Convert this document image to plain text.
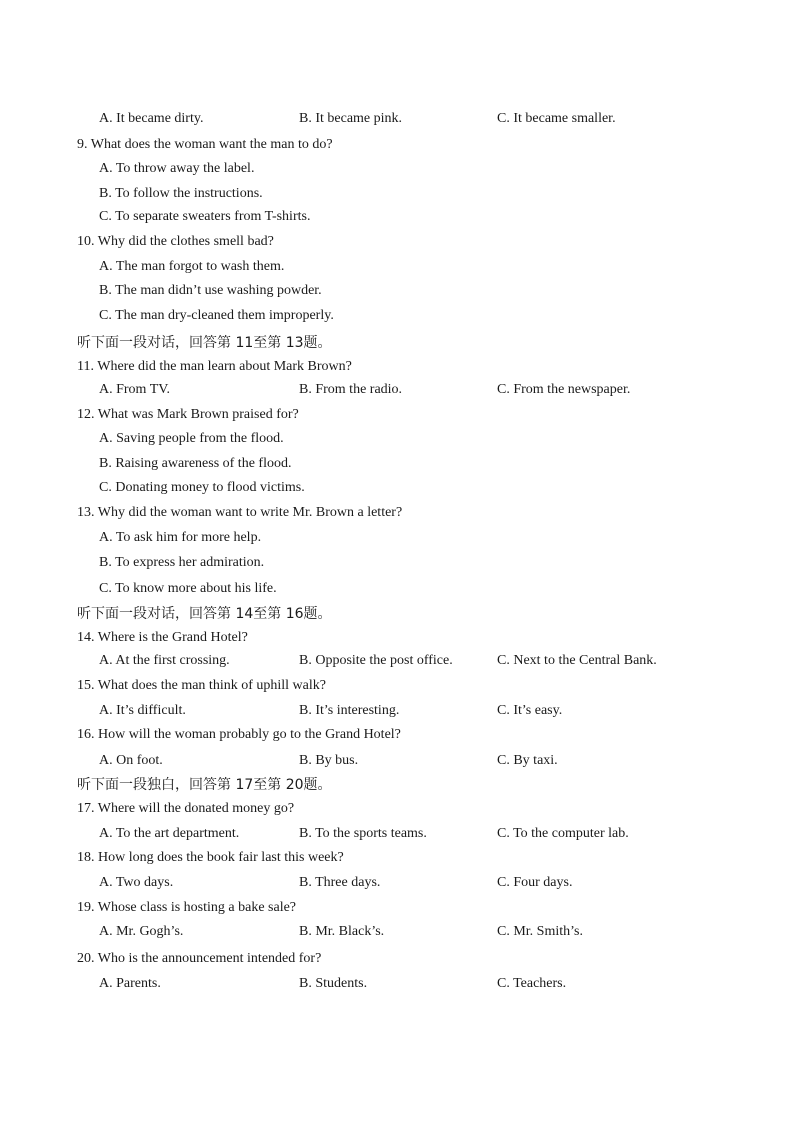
A. It became dirty.	B. It became pink.	C. It became smaller.
9. What does the woman want the man to do?
A. To throw away the label.
B. To follow the instructions.
C. To separate sweaters from T-shirts.
10. Why did the clothes smell bad?
A. The man forgot to wash them.
B. The man didn’t use washing powder.
C. The man dry-cleaned them improperly.
听下面一段对话，回答第 11至第 13题。
11. Where did the man learn about Mark Brown?
A. From TV.	B. From the radio.	C. From the newspaper.
12. What was Mark Brown praised for?
A. Saving people from the flood.
B. Raising awareness of the flood.
C. Donating money to flood victims.
13. Why did the woman want to write Mr. Brown a letter?
A. To ask him for more help.
B. To express her admiration.
C. To know more about his life.
听下面一段对话，回答第 14至第 16题。
14. Where is the Grand Hotel?
A. At the first crossing.	B. Opposite the post office.	C. Next to the Central Bank.
15. What does the man think of uphill walk?
A. It’s difficult.	B. It’s interesting.	C. It’s easy.
16. How will the woman probably go to the Grand Hotel?
A. On foot.	B. By bus.	C. By taxi.
听下面一段独白，回答第 17至第 20题。
17. Where will the donated money go?
A. To the art department.	B. To the sports teams.	C. To the computer lab.
18. How long does the book fair last this week?
A. Two days.	B. Three days.	C. Four days.
19. Whose class is hosting a bake sale?
A. Mr. Gogh’s.	B. Mr. Black’s.	C. Mr. Smith’s.
20. Who is the announcement intended for?
A. Parents.	B. Students.	C. Teachers.
